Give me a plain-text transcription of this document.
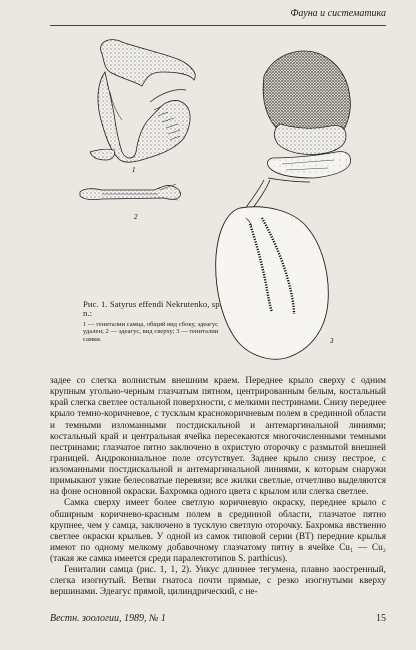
Фауна и систематика
1
2
3
Рис. 1. Satyrus effendi Nekrutenko, sp. n.:
1 — гениталии самца, общий вид сбоку, эдеагус удален; 2 — эдеагус, вид сверху; 3 — гениталии самки.

задее со слегка волнистым внешним краем. Переднее крыло сверху с одним крупным угольно-черным глазчатым пятном, центрированным белым, костальный край слегка светлее остальной поверхности, с мелкими пестринами. Снизу переднее крыло темно-коричневое, с тусклым краснокоричневым полем в срединной области и темными изломанными постдискальной и антемаргинальной линиями; костальный край и центральная ячейка пересекаются многочисленными темными пестринами; глазчатое пятно заключено в охристую оторочку с размытой внешней границей. Андрокониальное поле отсутствует. Заднее крыло снизу пестрое, с изломанными постдискальной и антемаргинальной линиями, к которым снаружи примыкают узкие белесоватые перевязи; все жилки светлые, отчетливо выделяются на фоне основной окраски. Бахромка одного цвета с крылом или слегка светлее.

Самка сверху имеет более светлую коричневую окраску, переднее крыло с обширным коричнево-красным полем в срединной области, глазчатое пятно крупнее, чем у самца, заключено в тусклую светлую оторочку. Бахромка явственно светлее окраски крыльев. У одной из самок типовой серии (ВТ) передние крылья имеют по одному мелкому добавочному глазчатому пятну в ячейке Cu₁ — Cu₂ (такая же самка имеется среди паралектотипов S. parthicus).

Гениталии самца (рис. 1, 1, 2). Ункус длиннее тегумена, плавно заостренный, слегка изогнутый. Ветви гнатоса почти прямые, с резко изогнутыми кверху вершинами. Эдеагус прямой, цилиндрический, с не-

Вестн. зоологии, 1989, № 1	15
